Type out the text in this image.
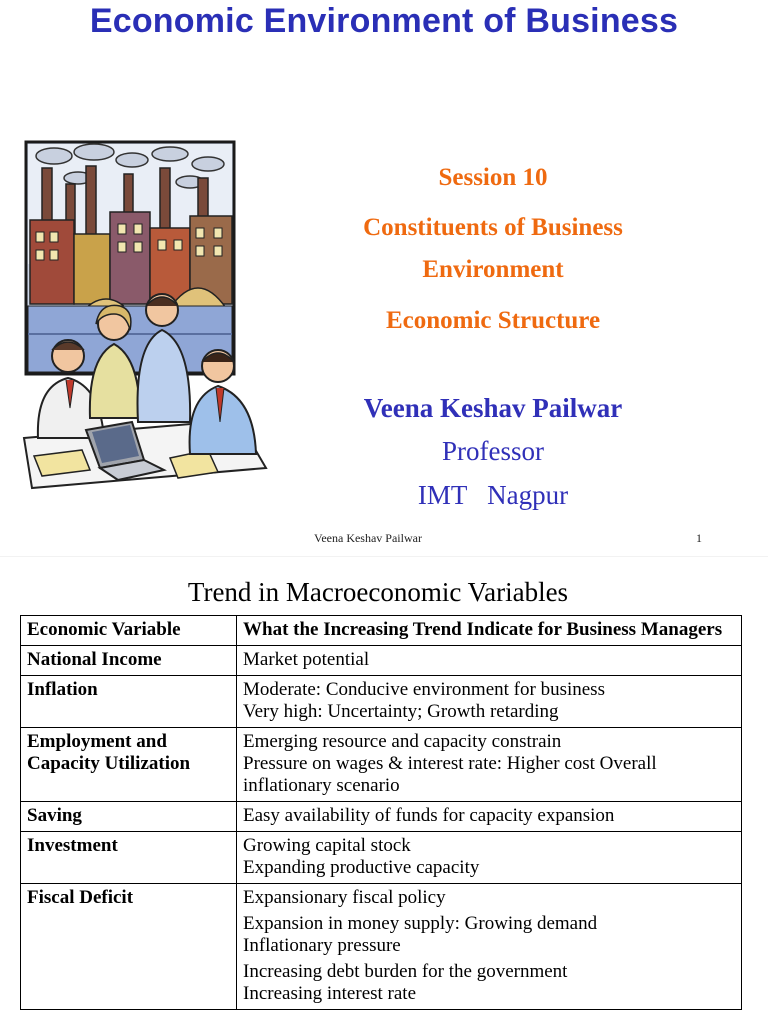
Economic Environment of Business
Session 10
Constituents of Business
Environment
Economic Structure
Veena Keshav Pailwar
Professor
IMT   Nagpur
Veena Keshav Pailwar	1
Trend in Macroeconomic Variables
Economic Variable	What the Increasing Trend Indicate for Business Managers
National Income	Market potential

Inflation	Moderate: Conducive environment for business
Very high: Uncertainty; Growth retarding

Employment and Capacity Utilization	Emerging resource and capacity constrain
Pressure on wages & interest rate: Higher cost Overall inflationary scenario

Saving	Easy availability of funds for capacity expansion

Investment	Growing capital stock
Expanding productive capacity

Fiscal Deficit	Expansionary fiscal policy
Expansion in money supply: Growing demand
Inflationary pressure
Increasing debt burden for the government
Increasing interest rate
